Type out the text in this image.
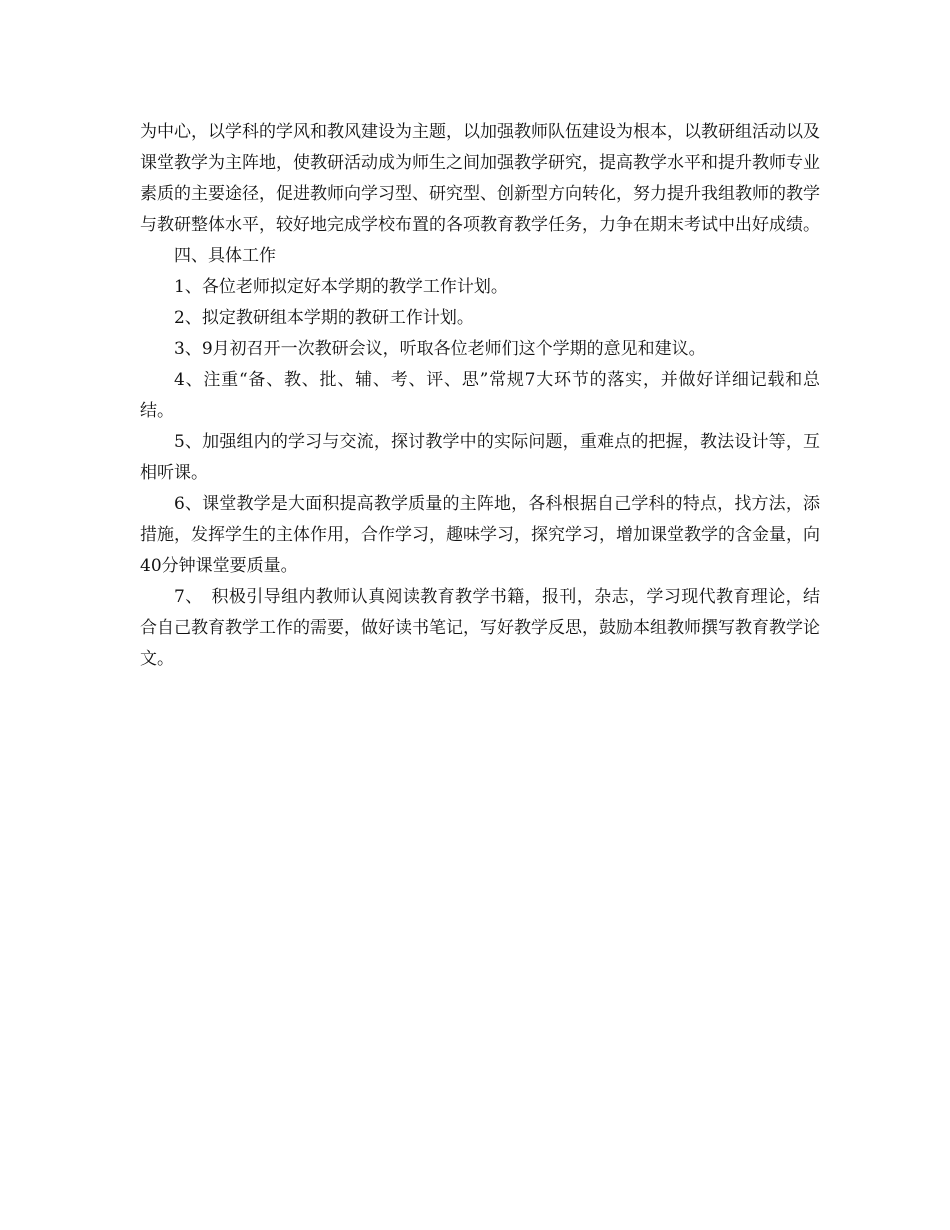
为中心，以学科的学风和教风建设为主题，以加强教师队伍建设为根本，以教研组活动以及课堂教学为主阵地，使教研活动成为师生之间加强教学研究，提高教学水平和提升教师专业素质的主要途径，促进教师向学习型、研究型、创新型方向转化，努力提升我组教师的教学与教研整体水平，较好地完成学校布置的各项教育教学任务，力争在期末考试中出好成绩。

四、具体工作

1、各位老师拟定好本学期的教学工作计划。

2、拟定教研组本学期的教研工作计划。

3、9月初召开一次教研会议，听取各位老师们这个学期的意见和建议。

4、注重“备、教、批、辅、考、评、思”常规7大环节的落实，并做好详细记载和总结。

5、加强组内的学习与交流，探讨教学中的实际问题，重难点的把握，教法设计等，互相听课。

6、课堂教学是大面积提高教学质量的主阵地，各科根据自己学科的特点，找方法，添措施，发挥学生的主体作用，合作学习，趣味学习，探究学习，增加课堂教学的含金量，向40分钟课堂要质量。

7、　积极引导组内教师认真阅读教育教学书籍，报刊，杂志，学习现代教育理论，结合自己教育教学工作的需要，做好读书笔记，写好教学反思，鼓励本组教师撰写教育教学论文。
